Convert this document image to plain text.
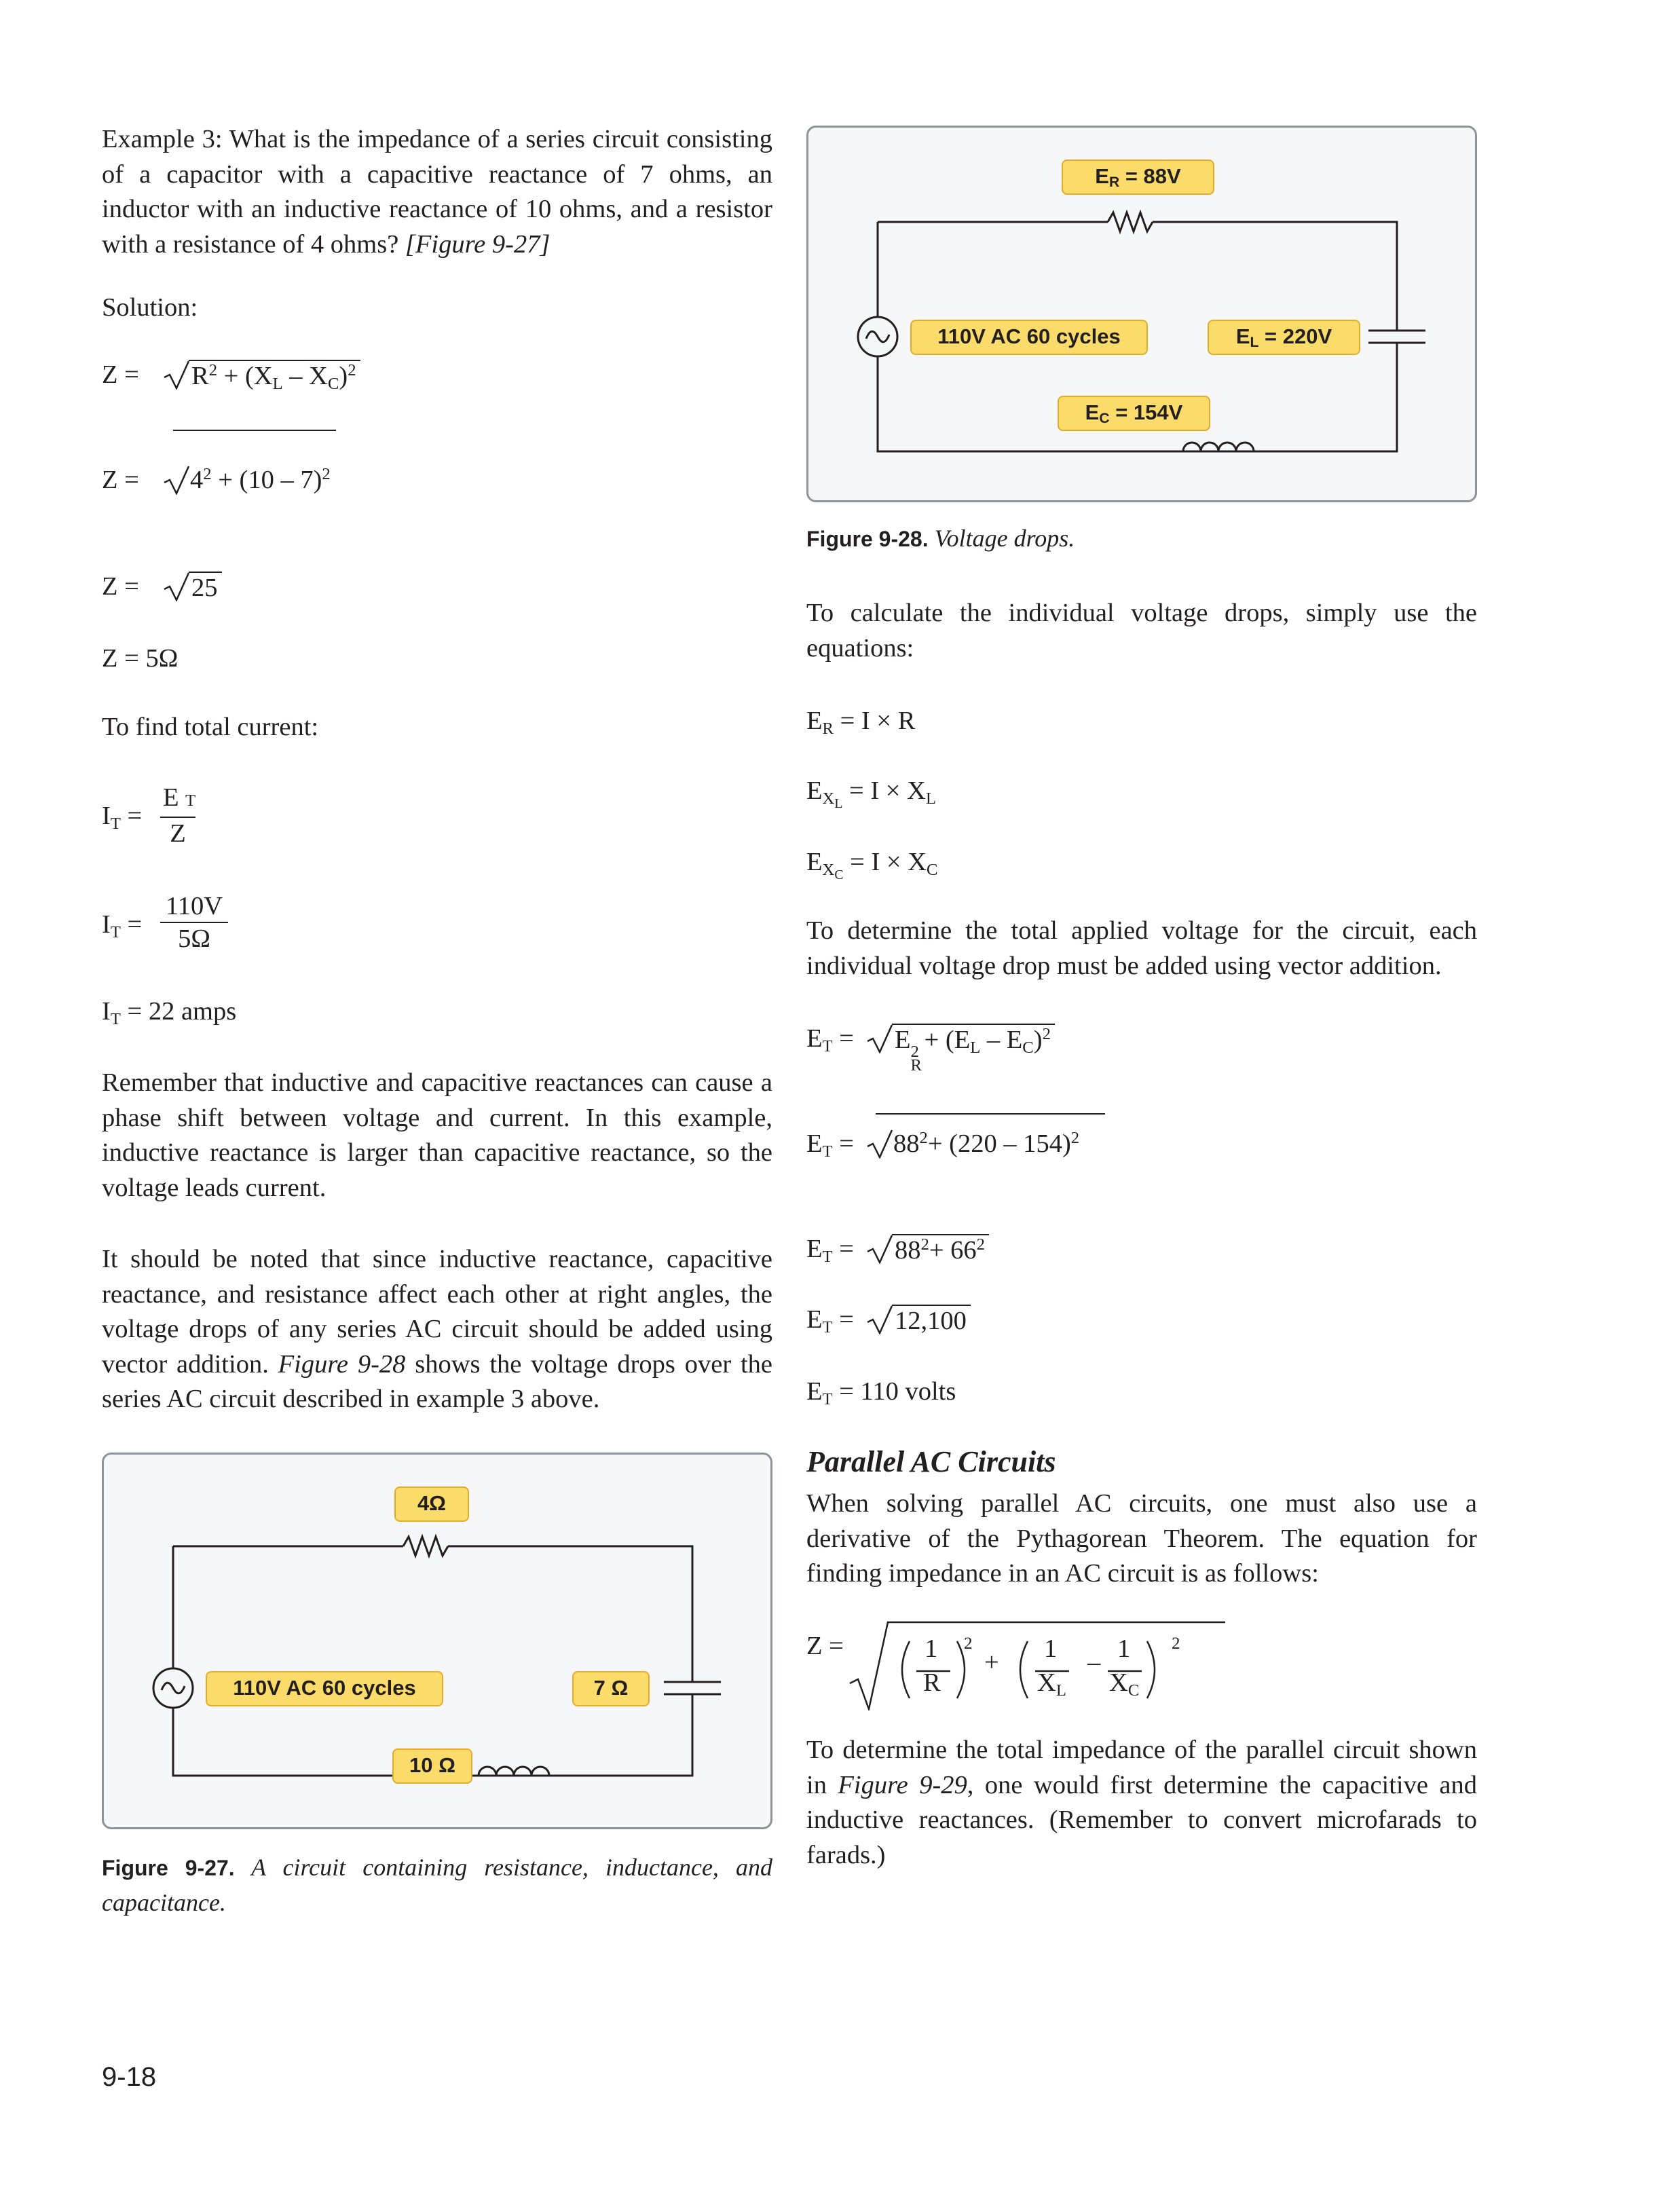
Example 3: What is the impedance of a series circuit consisting of a capacitor with a capacitive reactance of 7 ohms, an inductor with an inductive reactance of 10 ohms, and a resistor with a resistance of 4 ohms? [Figure 9-27]

Solution:

$Z = R^2 + (X_L - X_C)^2$
$Z = 4^2 + (10 - 7)^2$
Z = 25

Z = 5Ω

To find total current:

$I_T = \frac{\text{E T}}{Z}$
$I_T = \frac{110V}{5\Omega}$

$I_T = 22$ amps

Remember that inductive and capacitive reactances can cause a phase shift between voltage and current. In this example, inductive reactance is larger than capacitive reactance, so the voltage leads current.

It should be noted that since inductive reactance, capacitive reactance, and resistance affect each other at right angles, the voltage drops of any series AC circuit should be added using vector addition. Figure 9-28 shows the voltage drops over the series AC circuit described in example 3 above.

4Ω
110V AC 60 cycles	7 Ω
10 Ω

Figure 9-27. A circuit containing resistance, inductance, and capacitance.

$E_R = 88V$
110V AC 60 cycles	$E_L = 220V$
$E_C = 154V$

Figure 9-28. Voltage drops.

To calculate the individual voltage drops, simply use the equations:

$E_R = I \times R$

$E_{X_L} = I \times X_L$

$E_{X_C} = I \times X_C$

To determine the total applied voltage for the circuit, each individual voltage drop must be added using vector addition.

$E_T = E$ 2
R
+ $(E_L - E_C)^2$
$E_T = 88^2+ (220 - 154)^2$
$E_T = 88^2+ 66^2$
$E_T = 12,100$

$E_T = 110$ volts

Parallel AC Circuits

When solving parallel AC circuits, one must also use a derivative of the Pythagorean Theorem. The equation for finding impedance in an AC circuit is as follows:

Z =	1
R
2
+ 1
$X_L$
– 1
$X_C$
2

To determine the total impedance of the parallel circuit shown in Figure 9-29, one would first determine the capacitive and inductive reactances. (Remember to convert microfarads to farads.)

9-18
